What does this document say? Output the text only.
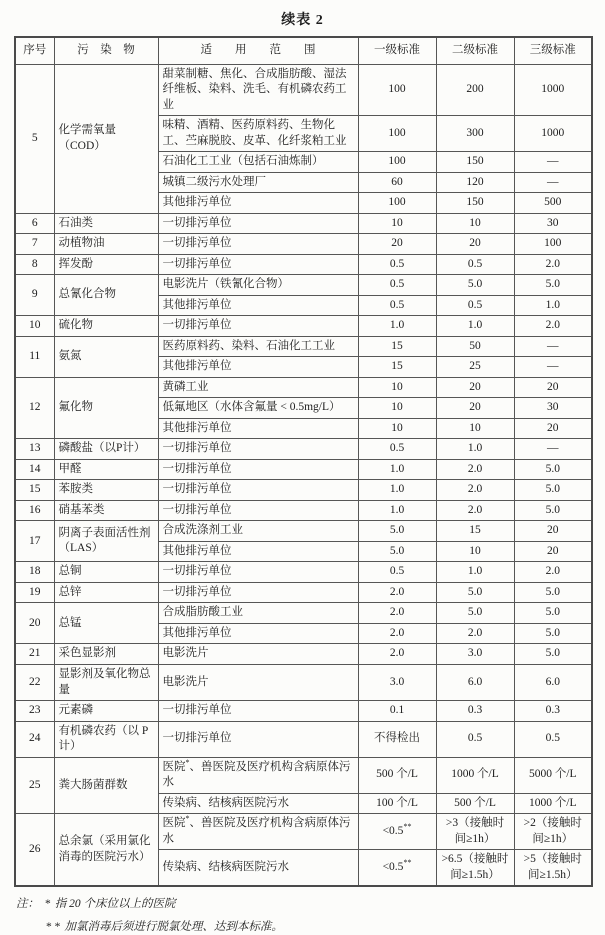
续表 2
序号	污　染　物	适　　用　　范　　围	一级标准	二级标准	三级标准
5	化学需氧量（COD）	甜菜制糖、焦化、合成脂肪酸、湿法纤维板、染料、洗毛、有机磷农药工业	100	200	1000
		味精、酒精、医药原料药、生物化工、苎麻脱胶、皮革、化纤浆粕工业	100	300	1000
		石油化工工业（包括石油炼制）	100	150	—
		城镇二级污水处理厂	60	120	—
		其他排污单位	100	150	500
6	石油类	一切排污单位	10	10	30
7	动植物油	一切排污单位	20	20	100
8	挥发酚	一切排污单位	0.5	0.5	2.0
9	总氰化合物	电影洗片（铁氰化合物）	0.5	5.0	5.0
		其他排污单位	0.5	0.5	1.0
10	硫化物	一切排污单位	1.0	1.0	2.0
11	氨氮	医药原料药、染料、石油化工工业	15	50	—
		其他排污单位	15	25	—
12	氟化物	黄磷工业	10	20	20
		低氟地区（水体含氟量 < 0.5mg/L）	10	20	30
		其他排污单位	10	10	20
13	磷酸盐（以P计）	一切排污单位	0.5	1.0	—
14	甲醛	一切排污单位	1.0	2.0	5.0
15	苯胺类	一切排污单位	1.0	2.0	5.0
16	硝基苯类	一切排污单位	1.0	2.0	5.0
17	阴离子表面活性剂（LAS）	合成洗涤剂工业	5.0	15	20
		其他排污单位	5.0	10	20
18	总铜	一切排污单位	0.5	1.0	2.0
19	总锌	一切排污单位	2.0	5.0	5.0
20	总锰	合成脂肪酸工业	2.0	5.0	5.0
		其他排污单位	2.0	2.0	5.0
21	采色显影剂	电影洗片	2.0	3.0	5.0
22	显影剂及氧化物总量	电影洗片	3.0	6.0	6.0
23	元素磷	一切排污单位	0.1	0.3	0.3
24	有机磷农药（以 P 计）	一切排污单位	不得检出	0.5	0.5
25	粪大肠菌群数	医院*、兽医院及医疗机构含病原体污水	500 个/L	1000 个/L	5000 个/L
		传染病、结核病医院污水	100 个/L	500 个/L	1000 个/L
26	总余氯（采用氯化消毒的医院污水）	医院*、兽医院及医疗机构含病原体污水	<0.5**	>3（接触时间≥1h）	>2（接触时间≥1h）
		传染病、结核病医院污水	<0.5**	>6.5（接触时间≥1.5h）	>5（接触时间≥1.5h）
注： * 指 20 个床位以上的医院
* * 加氯消毒后须进行脱氯处理、达到本标准。
